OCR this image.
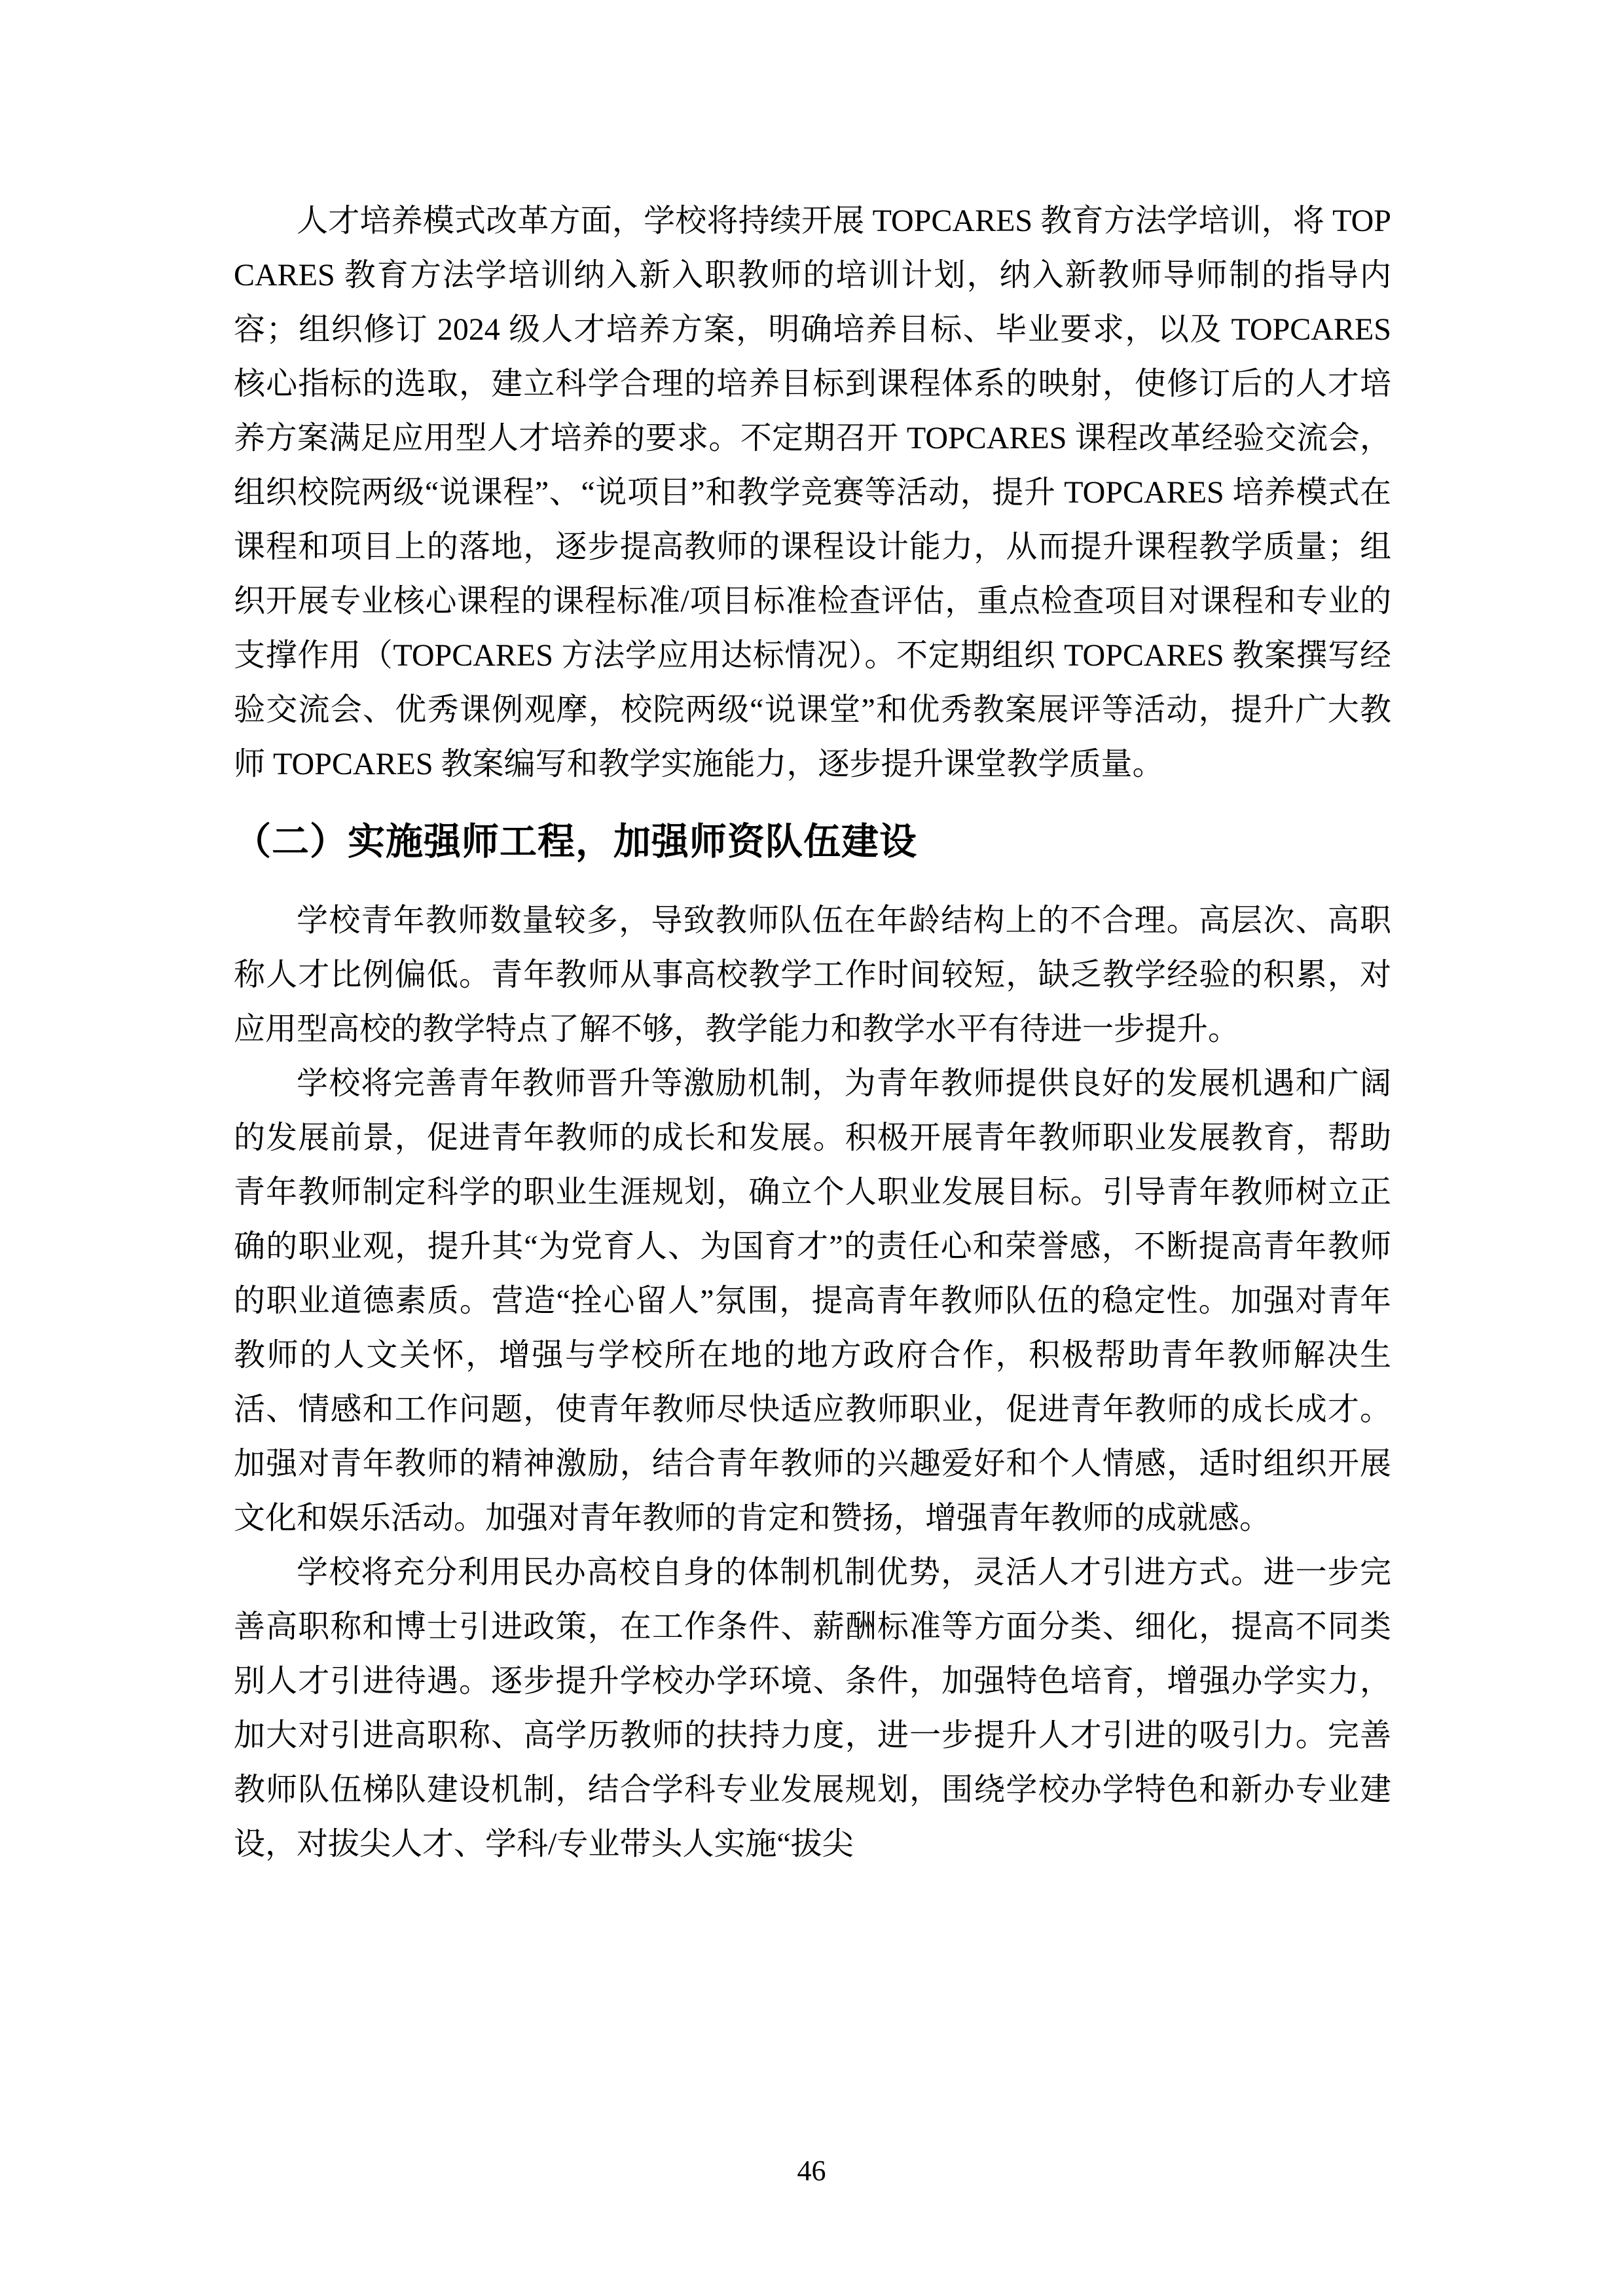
人才培养模式改革方面，学校将持续开展 TOPCARES 教育方法学培训，将 TOPCARES 教育方法学培训纳入新入职教师的培训计划，纳入新教师导师制的指导内容；组织修订 2024 级人才培养方案，明确培养目标、毕业要求，以及 TOPCARES 核心指标的选取，建立科学合理的培养目标到课程体系的映射，使修订后的人才培养方案满足应用型人才培养的要求。不定期召开 TOPCARES 课程改革经验交流会，组织校院两级“说课程”、“说项目”和教学竞赛等活动，提升 TOPCARES 培养模式在课程和项目上的落地，逐步提高教师的课程设计能力，从而提升课程教学质量；组织开展专业核心课程的课程标准/项目标准检查评估，重点检查项目对课程和专业的支撑作用（TOPCARES 方法学应用达标情况）。不定期组织 TOPCARES 教案撰写经验交流会、优秀课例观摩，校院两级“说课堂”和优秀教案展评等活动，提升广大教师 TOPCARES 教案编写和教学实施能力，逐步提升课堂教学质量。

（二）实施强师工程，加强师资队伍建设

学校青年教师数量较多，导致教师队伍在年龄结构上的不合理。高层次、高职称人才比例偏低。青年教师从事高校教学工作时间较短，缺乏教学经验的积累，对应用型高校的教学特点了解不够，教学能力和教学水平有待进一步提升。

学校将完善青年教师晋升等激励机制，为青年教师提供良好的发展机遇和广阔的发展前景，促进青年教师的成长和发展。积极开展青年教师职业发展教育，帮助青年教师制定科学的职业生涯规划，确立个人职业发展目标。引导青年教师树立正确的职业观，提升其“为党育人、为国育才”的责任心和荣誉感，不断提高青年教师的职业道德素质。营造“拴心留人”氛围，提高青年教师队伍的稳定性。加强对青年教师的人文关怀，增强与学校所在地的地方政府合作，积极帮助青年教师解决生活、情感和工作问题，使青年教师尽快适应教师职业，促进青年教师的成长成才。加强对青年教师的精神激励，结合青年教师的兴趣爱好和个人情感，适时组织开展文化和娱乐活动。加强对青年教师的肯定和赞扬，增强青年教师的成就感。

学校将充分利用民办高校自身的体制机制优势，灵活人才引进方式。进一步完善高职称和博士引进政策，在工作条件、薪酬标准等方面分类、细化，提高不同类别人才引进待遇。逐步提升学校办学环境、条件，加强特色培育，增强办学实力，加大对引进高职称、高学历教师的扶持力度，进一步提升人才引进的吸引力。完善教师队伍梯队建设机制，结合学科专业发展规划，围绕学校办学特色和新办专业建设，对拔尖人才、学科/专业带头人实施“拔尖

46
